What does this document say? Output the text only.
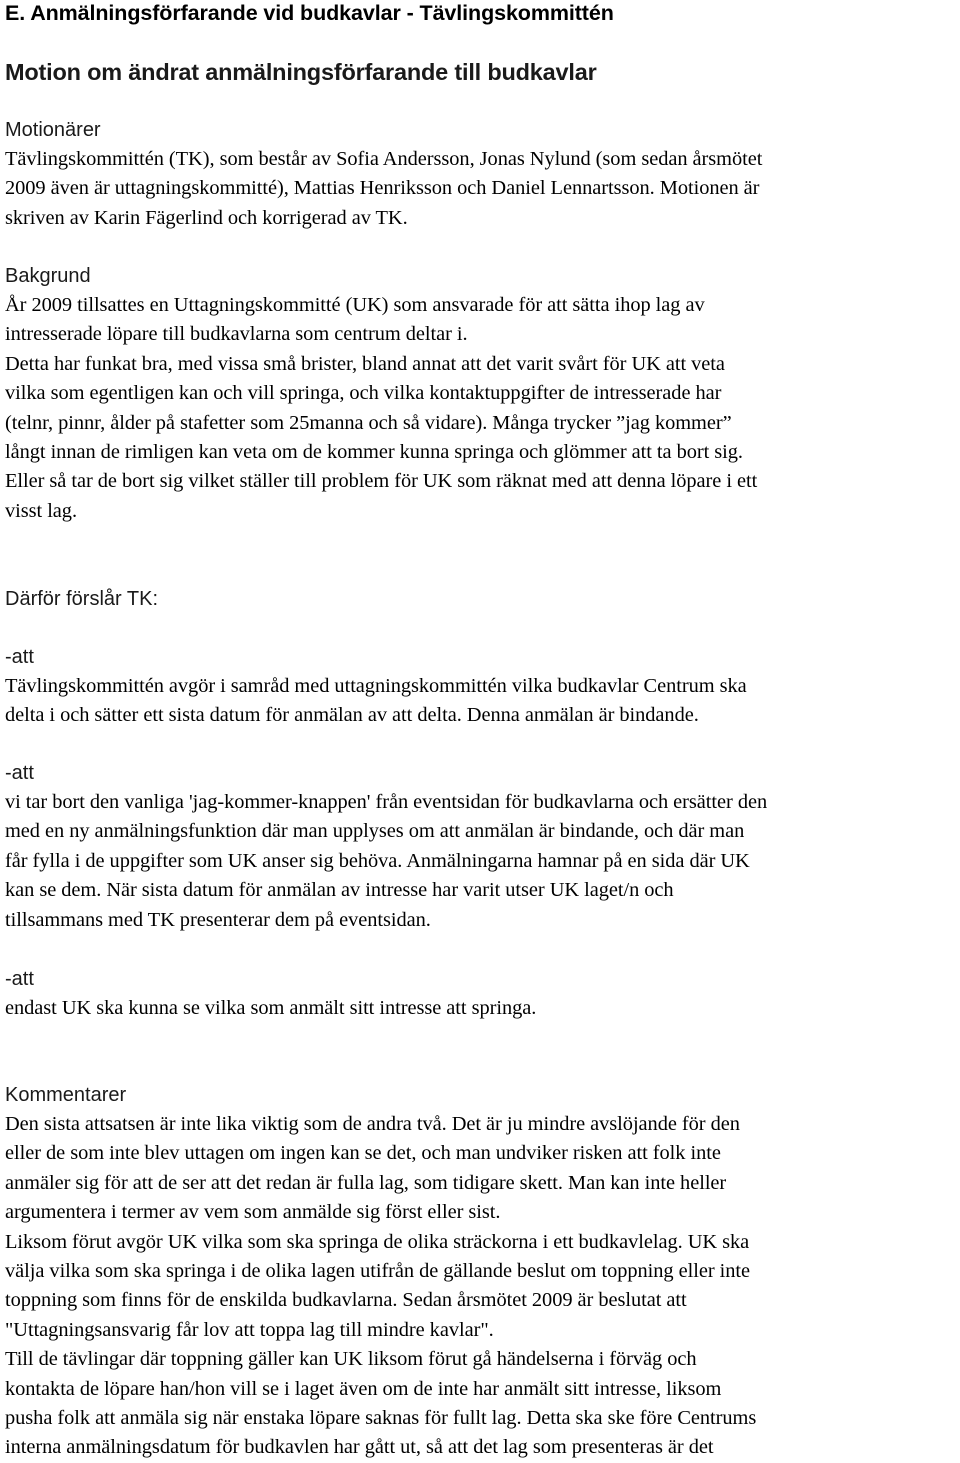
E. Anmälningsförfarande vid budkavlar - Tävlingskommittén
Motion om ändrat anmälningsförfarande till budkavlar
Motionärer
Tävlingskommittén (TK), som består av Sofia Andersson, Jonas Nylund (som sedan årsmötet
2009 även är uttagningskommitté), Mattias Henriksson och Daniel Lennartsson. Motionen är
skriven av Karin Fägerlind och korrigerad av TK.
Bakgrund
År 2009 tillsattes en Uttagningskommitté (UK) som ansvarade för att sätta ihop lag av
intresserade löpare till budkavlarna som centrum deltar i.
Detta har funkat bra, med vissa små brister, bland annat att det varit svårt för UK att veta
vilka som egentligen kan och vill springa, och vilka kontaktuppgifter de intresserade har
(telnr, pinnr, ålder på stafetter som 25manna och så vidare). Många trycker ”jag kommer”
långt innan de rimligen kan veta om de kommer kunna springa och glömmer att ta bort sig.
Eller så tar de bort sig vilket ställer till problem för UK som räknat med att denna löpare i ett
visst lag.
Därför förslår TK:
-att
Tävlingskommittén avgör i samråd med uttagningskommittén vilka budkavlar Centrum ska
delta i och sätter ett sista datum för anmälan av att delta. Denna anmälan är bindande.
-att
vi tar bort den vanliga 'jag-kommer-knappen' från eventsidan för budkavlarna och ersätter den
med en ny anmälningsfunktion där man upplyses om att anmälan är bindande, och där man
får fylla i de uppgifter som UK anser sig behöva. Anmälningarna hamnar på en sida där UK
kan se dem. När sista datum för anmälan av intresse har varit utser UK laget/n och
tillsammans med TK presenterar dem på eventsidan.
-att
endast UK ska kunna se vilka som anmält sitt intresse att springa.
Kommentarer
Den sista attsatsen är inte lika viktig som de andra två. Det är ju mindre avslöjande för den
eller de som inte blev uttagen om ingen kan se det, och man undviker risken att folk inte
anmäler sig för att de ser att det redan är fulla lag, som tidigare skett. Man kan inte heller
argumentera i termer av vem som anmälde sig först eller sist.
Liksom förut avgör UK vilka som ska springa de olika sträckorna i ett budkavlelag. UK ska
välja vilka som ska springa i de olika lagen utifrån de gällande beslut om toppning eller inte
toppning som finns för de enskilda budkavlarna. Sedan årsmötet 2009 är beslutat att
"Uttagningsansvarig får lov att toppa lag till mindre kavlar".
Till de tävlingar där toppning gäller kan UK liksom förut gå händelserna i förväg och
kontakta de löpare han/hon vill se i laget även om de inte har anmält sitt intresse, liksom
pusha folk att anmäla sig när enstaka löpare saknas för fullt lag. Detta ska ske före Centrums
interna anmälningsdatum för budkavlen har gått ut, så att det lag som presenteras är det
